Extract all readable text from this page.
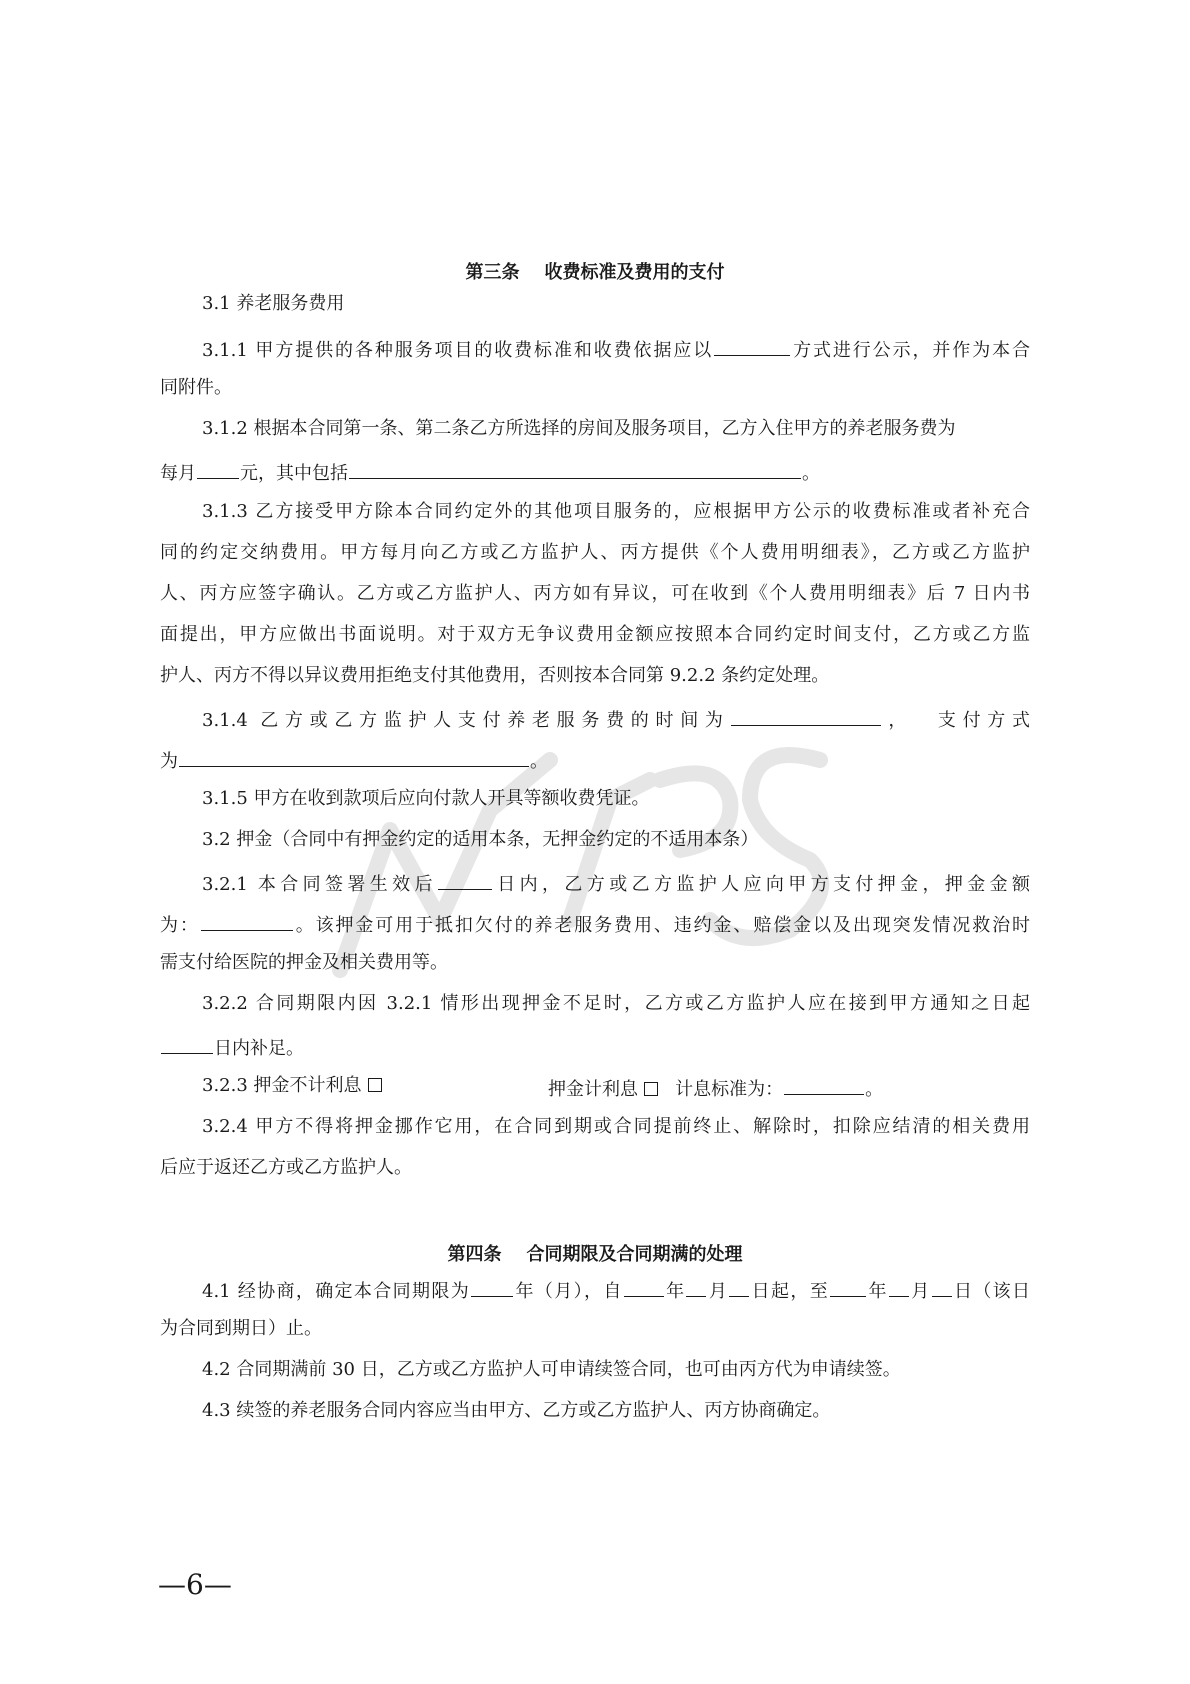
第三条    收费标准及费用的支付
3.1 养老服务费用
3.1.1 甲方提供的各种服务项目的收费标准和收费依据应以	方式进行公示，并作为本合
同附件。
3.1.2 根据本合同第一条、第二条乙方所选择的房间及服务项目，乙方入住甲方的养老服务费为
每月 元，其中包括	。
3.1.3 乙方接受甲方除本合同约定外的其他项目服务的，应根据甲方公示的收费标准或者补充合
同的约定交纳费用。甲方每月向乙方或乙方监护人、丙方提供《个人费用明细表》，乙方或乙方监护
人、丙方应签字确认。乙方或乙方监护人、丙方如有异议，可在收到《个人费用明细表》后 7 日内书
面提出，甲方应做出书面说明。对于双方无争议费用金额应按照本合同约定时间支付，乙方或乙方监
护人、丙方不得以异议费用拒绝支付其他费用，否则按本合同第 9.2.2 条约定处理。
3.1.4 乙方或乙方监护人支付养老服务费的时间为	，  支付方式
为	。
3.1.5 甲方在收到款项后应向付款人开具等额收费凭证。
3.2 押金（合同中有押金约定的适用本条，无押金约定的不适用本条）
3.2.1 本合同签署生效后	日内，乙方或乙方监护人应向甲方支付押金，押金金额
为：	。该押金可用于抵扣欠付的养老服务费用、违约金、赔偿金以及出现突发情况救治时
需支付给医院的押金及相关费用等。
3.2.2 合同期限内因 3.2.1 情形出现押金不足时，乙方或乙方监护人应在接到甲方通知之日起
日内补足。
3.2.3 押金不计利息	押金计利息 计息标准为：	。
3.2.4 甲方不得将押金挪作它用，在合同到期或合同提前终止、解除时，扣除应结清的相关费用
后应于返还乙方或乙方监护人。
第四条    合同期限及合同期满的处理
4.1 经协商，确定本合同期限为 年（月），自 年 月 日起，至 年 月 日（该日
为合同到期日）止。
4.2 合同期满前 30 日，乙方或乙方监护人可申请续签合同，也可由丙方代为申请续签。
4.3 续签的养老服务合同内容应当由甲方、乙方或乙方监护人、丙方协商确定。
—6—
